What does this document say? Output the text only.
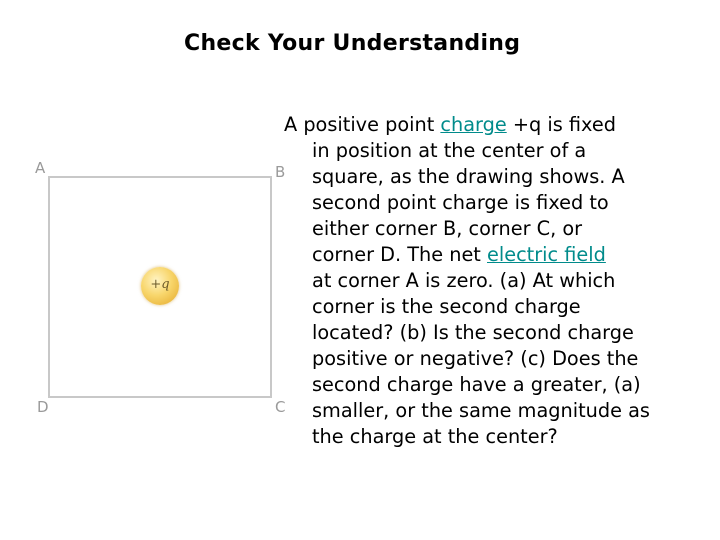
Check Your Understanding
A	B
C
D
+q
A positive point charge +q is fixed
in position at the center of a
square, as the drawing shows. A
second point charge is fixed to
either corner B, corner C, or
corner D. The net electric field
at corner A is zero. (a) At which
corner is the second charge
located? (b) Is the second charge
positive or negative? (c) Does the
second charge have a greater, (a)
smaller, or the same magnitude as
the charge at the center?
